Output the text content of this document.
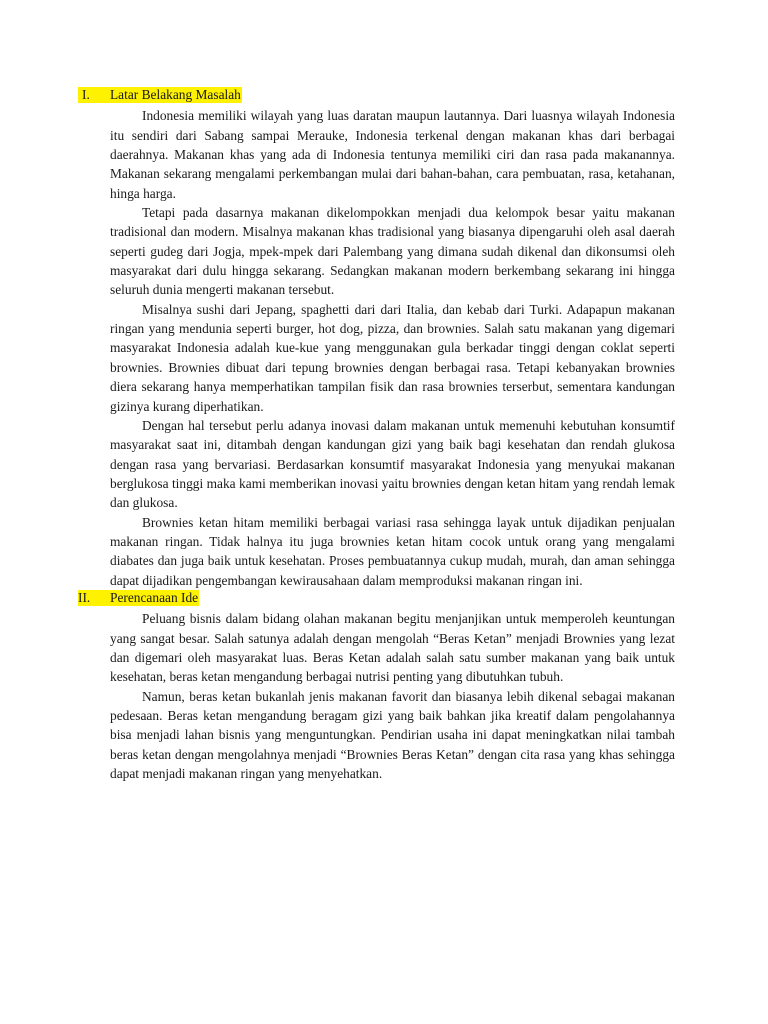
I.	Latar Belakang Masalah

Indonesia memiliki wilayah yang luas daratan maupun lautannya. Dari luasnya wilayah Indonesia itu sendiri dari Sabang sampai Merauke, Indonesia terkenal dengan makanan khas dari berbagai daerahnya. Makanan khas yang ada di Indonesia tentunya memiliki ciri dan rasa pada makanannya. Makanan sekarang mengalami perkembangan mulai dari bahan-bahan, cara pembuatan, rasa, ketahanan, hinga harga.

Tetapi pada dasarnya makanan dikelompokkan menjadi dua kelompok besar yaitu makanan tradisional dan modern. Misalnya makanan khas tradisional yang biasanya dipengaruhi oleh asal daerah seperti gudeg dari Jogja, mpek-mpek dari Palembang yang dimana sudah dikenal dan dikonsumsi oleh masyarakat dari dulu hingga sekarang. Sedangkan makanan modern berkembang sekarang ini hingga seluruh dunia mengerti makanan tersebut.

Misalnya sushi dari Jepang, spaghetti dari dari Italia, dan kebab dari Turki. Adapapun makanan ringan yang mendunia seperti burger, hot dog, pizza, dan brownies. Salah satu makanan yang digemari masyarakat Indonesia adalah kue-kue yang menggunakan gula berkadar tinggi dengan coklat seperti brownies. Brownies dibuat dari tepung brownies dengan berbagai rasa. Tetapi kebanyakan brownies diera sekarang hanya memperhatikan tampilan fisik dan rasa brownies terserbut, sementara kandungan gizinya kurang diperhatikan.

Dengan hal tersebut perlu adanya inovasi dalam makanan untuk memenuhi kebutuhan konsumtif masyarakat saat ini, ditambah dengan kandungan gizi yang baik bagi kesehatan dan rendah glukosa dengan rasa yang bervariasi. Berdasarkan konsumtif masyarakat Indonesia yang menyukai makanan berglukosa tinggi maka kami memberikan inovasi yaitu brownies dengan ketan hitam yang rendah lemak dan glukosa.

Brownies ketan hitam memiliki berbagai variasi rasa sehingga layak untuk dijadikan penjualan makanan ringan. Tidak halnya itu juga brownies ketan hitam cocok untuk orang yang mengalami diabates dan juga baik untuk kesehatan. Proses pembuatannya cukup mudah, murah, dan aman sehingga dapat dijadikan pengembangan kewirausahaan dalam memproduksi makanan ringan ini.

II.	Perencanaan Ide

Peluang bisnis dalam bidang olahan makanan begitu menjanjikan untuk memperoleh keuntungan yang sangat besar. Salah satunya adalah dengan mengolah “Beras Ketan” menjadi Brownies yang lezat dan digemari oleh masyarakat luas. Beras Ketan adalah salah satu sumber makanan yang baik untuk kesehatan, beras ketan mengandung berbagai nutrisi penting yang dibutuhkan tubuh.

Namun, beras ketan bukanlah jenis makanan favorit dan biasanya lebih dikenal sebagai makanan pedesaan. Beras ketan mengandung beragam gizi yang baik bahkan jika kreatif dalam pengolahannya bisa menjadi lahan bisnis yang menguntungkan. Pendirian usaha ini dapat meningkatkan nilai tambah beras ketan dengan mengolahnya menjadi “Brownies Beras Ketan” dengan cita rasa yang khas sehingga dapat menjadi makanan ringan yang menyehatkan.
